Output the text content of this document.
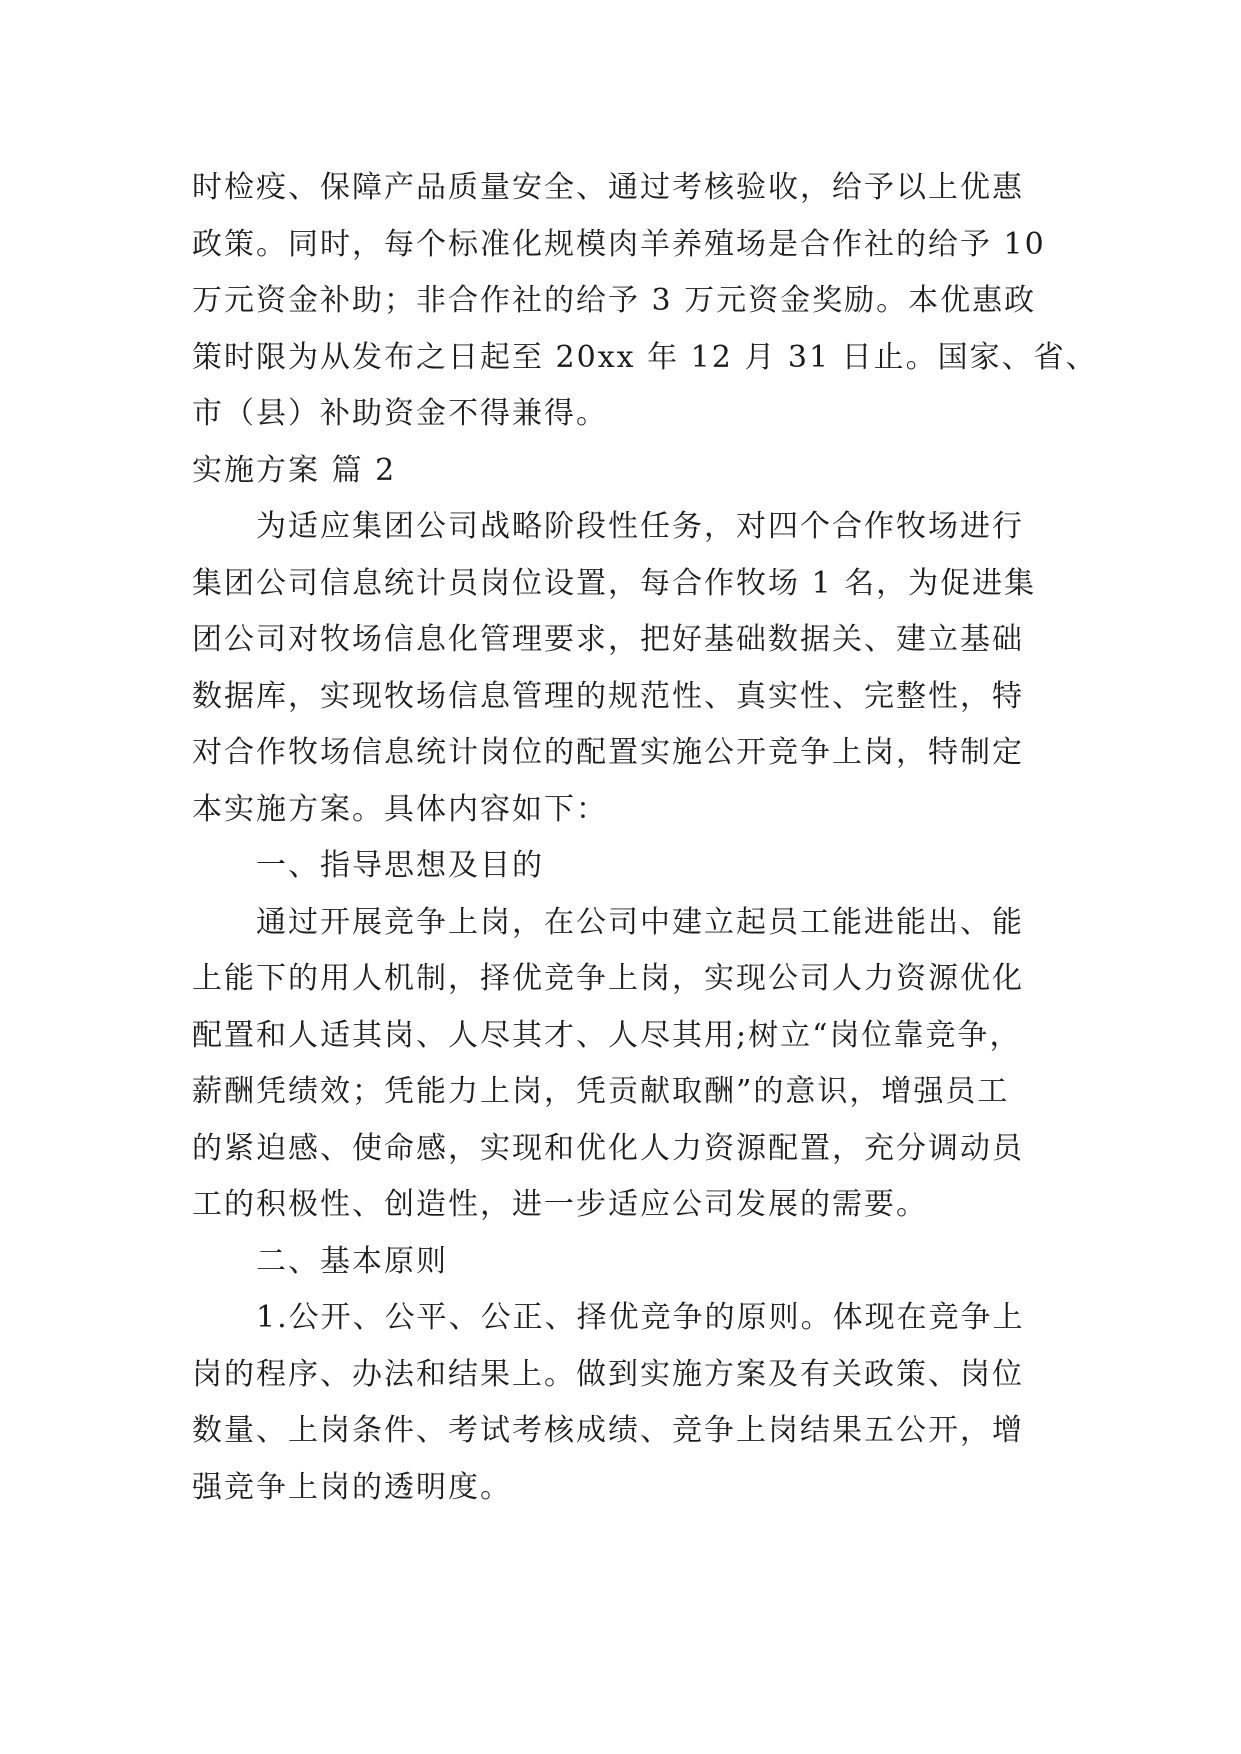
时检疫、保障产品质量安全、通过考核验收，给予以上优惠
政策。同时，每个标准化规模肉羊养殖场是合作社的给予 10
万元资金补助；非合作社的给予 3 万元资金奖励。本优惠政
策时限为从发布之日起至 20xx 年 12 月 31 日止。国家、省、
市（县）补助资金不得兼得。
实施方案 篇 2
为适应集团公司战略阶段性任务，对四个合作牧场进行
集团公司信息统计员岗位设置，每合作牧场 1 名，为促进集
团公司对牧场信息化管理要求，把好基础数据关、建立基础
数据库，实现牧场信息管理的规范性、真实性、完整性，特
对合作牧场信息统计岗位的配置实施公开竞争上岗，特制定
本实施方案。具体内容如下：
一、指导思想及目的
通过开展竞争上岗，在公司中建立起员工能进能出、能
上能下的用人机制，择优竞争上岗，实现公司人力资源优化
配置和人适其岗、人尽其才、人尽其用;树立“岗位靠竞争，
薪酬凭绩效；凭能力上岗，凭贡献取酬”的意识，增强员工
的紧迫感、使命感，实现和优化人力资源配置，充分调动员
工的积极性、创造性，进一步适应公司发展的需要。
二、基本原则
1.公开、公平、公正、择优竞争的原则。体现在竞争上
岗的程序、办法和结果上。做到实施方案及有关政策、岗位
数量、上岗条件、考试考核成绩、竞争上岗结果五公开，增
强竞争上岗的透明度。
